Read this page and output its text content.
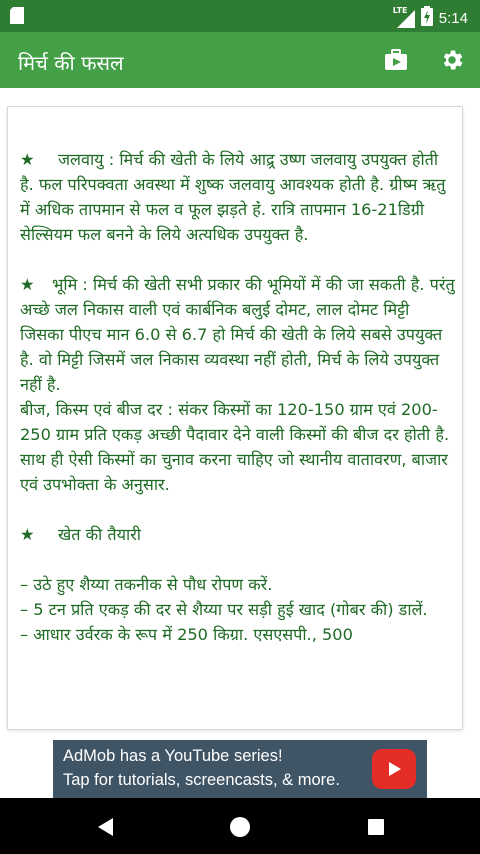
LTE 5:14
मिर्च की फसल
★ जलवायु : मिर्च की खेती के लिये आद्र्र उष्ण जलवायु उपयुक्त होती है. फल परिपक्वता अवस्था में शुष्क जलवायु आवश्यक होती है. ग्रीष्म ऋतु में अधिक तापमान से फल व फूल झड़ते हं̀. रात्रि तापमान 16-21डिग्री सेल्सियम फल बनने के लिये अत्यधिक उपयुक्त है.
★ भूमि : मिर्च की खेती सभी प्रकार की भूमियों में की जा सकती है. परंतु अच्छे जल निकास वाली एवं कार्बनिक बलुई दोमट, लाल दोमट मिट्टी जिसका पीएच मान 6.0 से 6.7 हो मिर्च की खेती के लिये सबसे उपयुक्त है. वो मिट्टी जिसमें जल निकास व्यवस्था नहीं होती, मिर्च के लिये उपयुक्त नहीं है.
बीज, किस्म एवं बीज दर : संकर किस्मों का 120-150 ग्राम एवं 200-250 ग्राम प्रति एकड़ अच्छी पैदावार देने वाली किस्मों की बीज दर होती है. साथ ही ऐसी किस्मों का चुनाव करना चाहिए जो स्थानीय वातावरण, बाजार एवं उपभोक्ता के अनुसार.
★ खेत की तैयारी
– उठे हुए शैय्या तकनीक से पौध रोपण करें.
– 5 टन प्रति एकड़ की दर से शैय्या पर सड़ी हुई खाद (गोबर की) डालें.
– आधार उर्वरक के रूप में 250 किग्रा. एसएसपी., 500
AdMob has a YouTube series!
Tap for tutorials, screencasts, & more.
